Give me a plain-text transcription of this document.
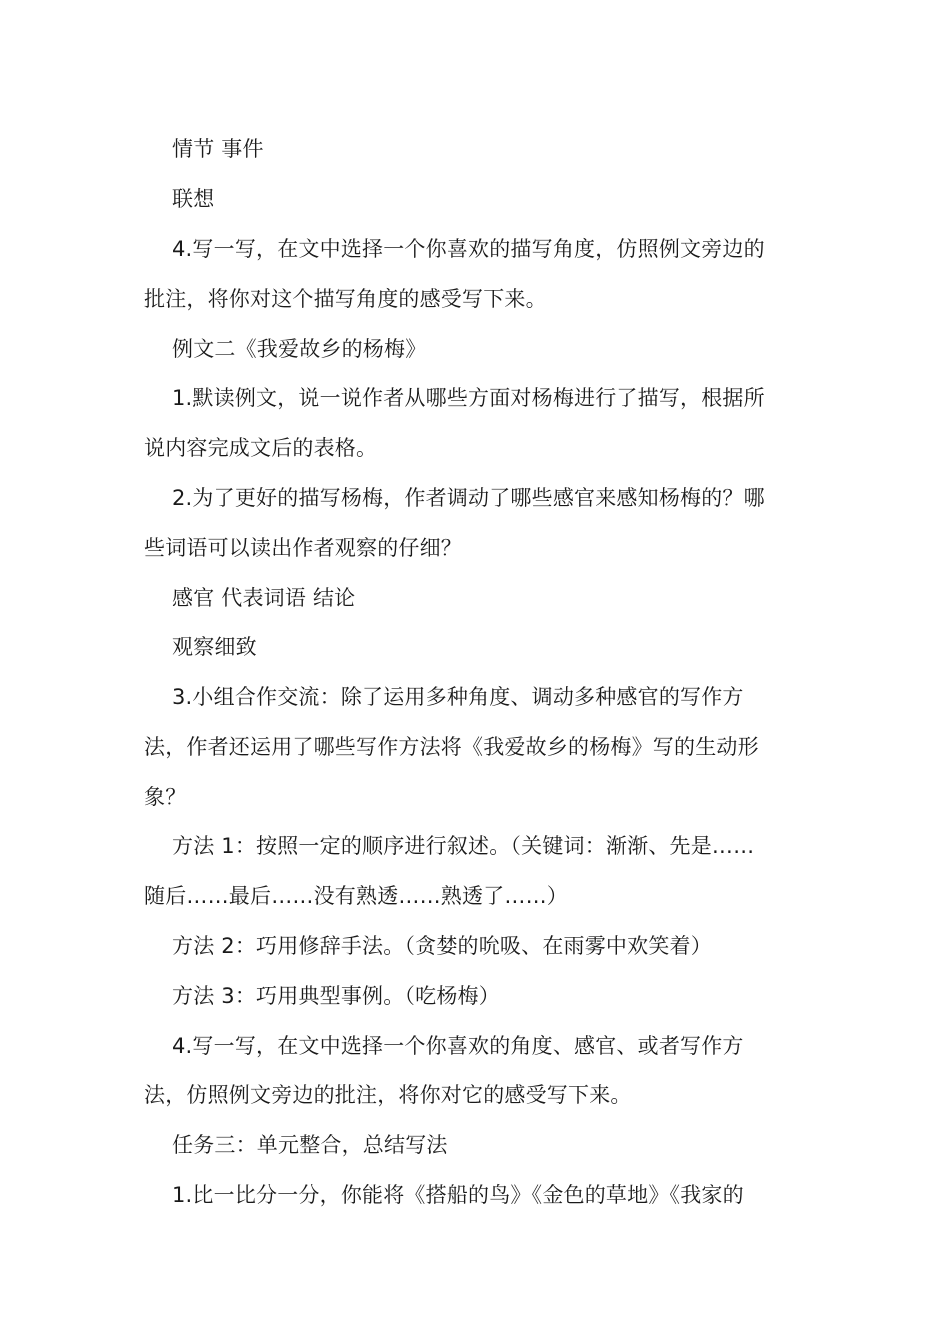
情节 事件
联想
4.写一写，在文中选择一个你喜欢的描写角度，仿照例文旁边的
批注，将你对这个描写角度的感受写下来。
例文二《我爱故乡的杨梅》
1.默读例文，说一说作者从哪些方面对杨梅进行了描写，根据所
说内容完成文后的表格。
2.为了更好的描写杨梅，作者调动了哪些感官来感知杨梅的？哪
些词语可以读出作者观察的仔细？
感官 代表词语 结论
观察细致
3.小组合作交流：除了运用多种角度、调动多种感官的写作方
法，作者还运用了哪些写作方法将《我爱故乡的杨梅》写的生动形
象？
方法 1：按照一定的顺序进行叙述。（关键词：渐渐、先是……
随后……最后……没有熟透……熟透了……）
方法 2：巧用修辞手法。（贪婪的吮吸、在雨雾中欢笑着）
方法 3：巧用典型事例。（吃杨梅）
4.写一写，在文中选择一个你喜欢的角度、感官、或者写作方
法，仿照例文旁边的批注，将你对它的感受写下来。
任务三：单元整合，总结写法
1.比一比分一分，你能将《搭船的鸟》《金色的草地》《我家的
